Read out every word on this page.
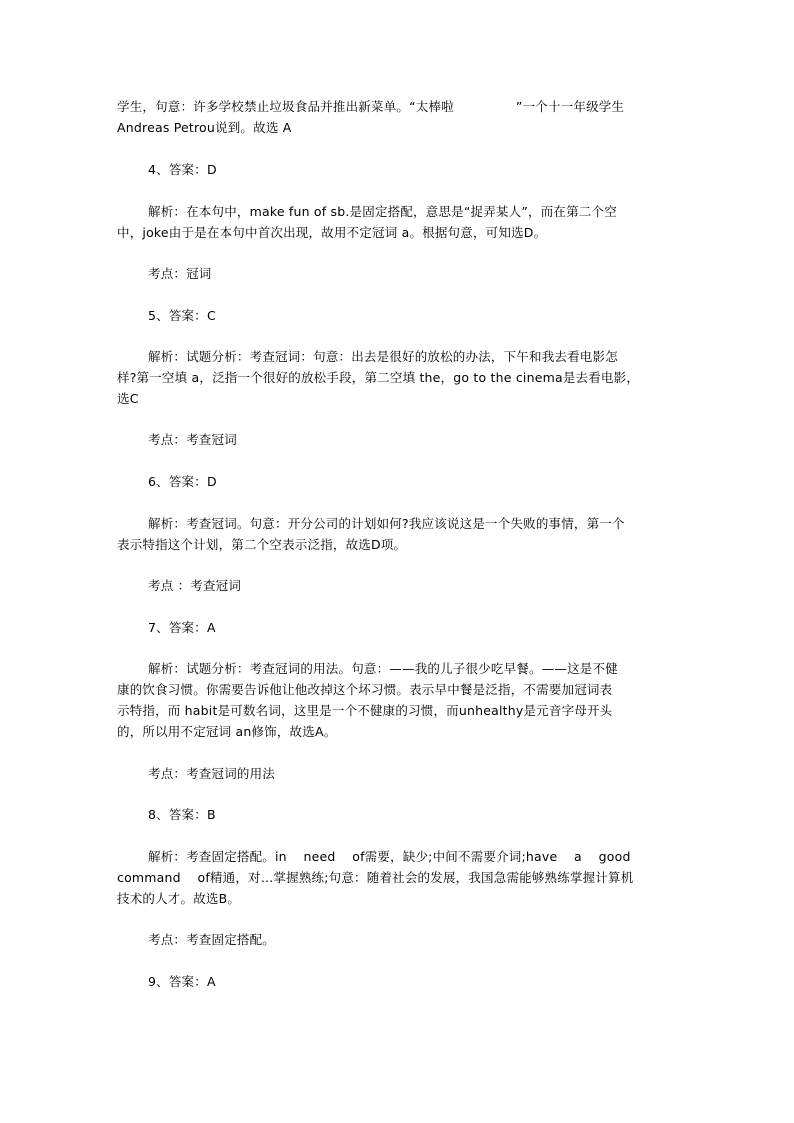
学生，句意：许多学校禁止垃圾食品并推出新菜单。“太棒啦	”一个十一年级学生
Andreas Petrou说到。故选 A
4、答案：D
解析：在本句中，make fun of sb.是固定搭配，意思是“捉弄某人”，而在第二个空
中，joke由于是在本句中首次出现，故用不定冠词 a。根据句意，可知选D。
考点：冠词
5、答案：C
解析：试题分析：考查冠词：句意：出去是很好的放松的办法，下午和我去看电影怎
样?第一空填 a，泛指一个很好的放松手段，第二空填 the，go to the cinema是去看电影，
选C
考点：考查冠词
6、答案：D
解析：考查冠词。句意：开分公司的计划如何?我应该说这是一个失败的事情，第一个
表示特指这个计划，第二个空表示泛指，故选D项。
考点 ：考查冠词
7、答案：A
解析：试题分析：考查冠词的用法。句意：——我的儿子很少吃早餐。——这是不健
康的饮食习惯。你需要告诉他让他改掉这个坏习惯。表示早中餐是泛指，不需要加冠词表
示特指，而 habit是可数名词，这里是一个不健康的习惯，而unhealthy是元音字母开头
的，所以用不定冠词 an修饰，故选A。
考点：考查冠词的用法
8、答案：B
解析：考查固定搭配。in    need    of需要，缺少;中间不需要介词;have    a    good
command    of精通，对…掌握熟练;句意：随着社会的发展，我国急需能够熟练掌握计算机
技术的人才。故选B。
考点：考查固定搭配。
9、答案：A
